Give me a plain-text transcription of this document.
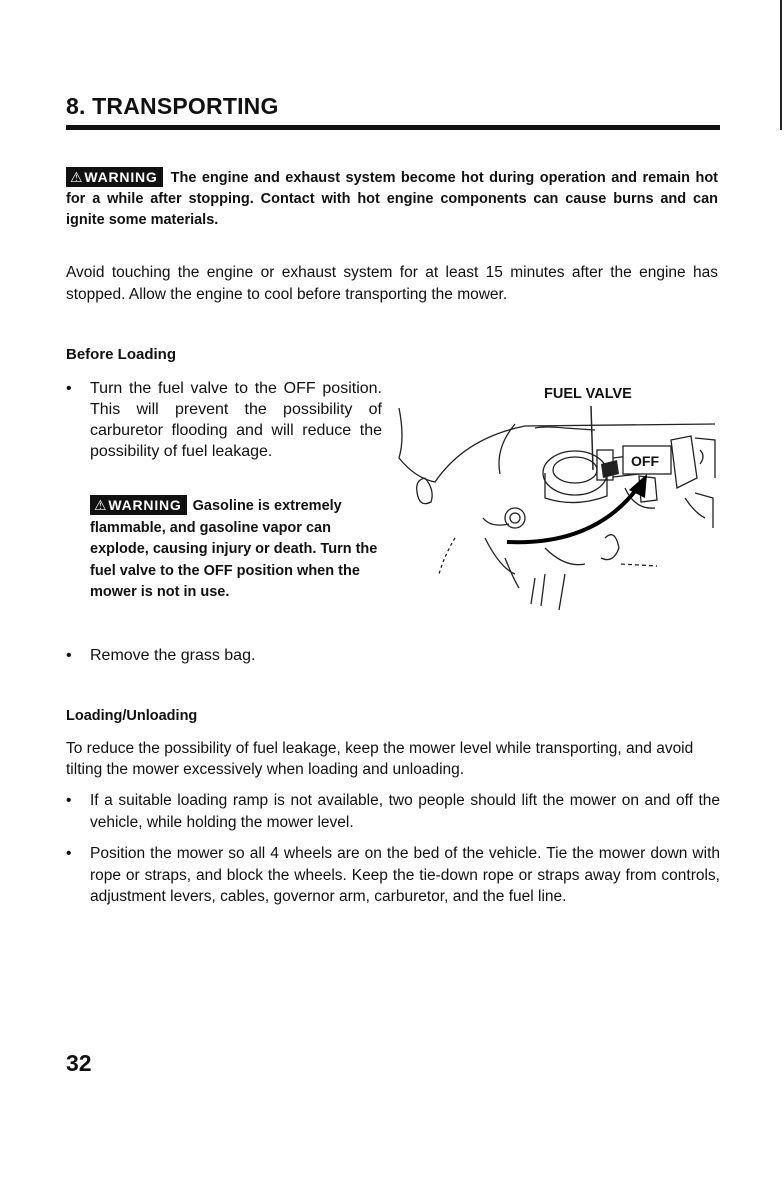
8. TRANSPORTING

⚠WARNING The engine and exhaust system become hot during operation and remain hot for a while after stopping. Contact with hot engine components can cause burns and can ignite some materials.

Avoid touching the engine or exhaust system for at least 15 minutes after the engine has stopped. Allow the engine to cool before transporting the mower.

Before Loading
• Turn the fuel valve to the OFF position. This will prevent the possibility of carburetor flooding and will reduce the possibility of fuel leakage.

⚠WARNING Gasoline is extremely flammable, and gasoline vapor can explode, causing injury or death. Turn the fuel valve to the OFF position when the mower is not in use.

• Remove the grass bag.

FUEL VALVE

OFF
Loading/Unloading

To reduce the possibility of fuel leakage, keep the mower level while transporting, and avoid tilting the mower excessively when loading and unloading.

• If a suitable loading ramp is not available, two people should lift the mower on and off the vehicle, while holding the mower level.
• Position the mower so all 4 wheels are on the bed of the vehicle. Tie the mower down with rope or straps, and block the wheels. Keep the tie-down rope or straps away from controls, adjustment levers, cables, governor arm, carburetor, and the fuel line.

32
